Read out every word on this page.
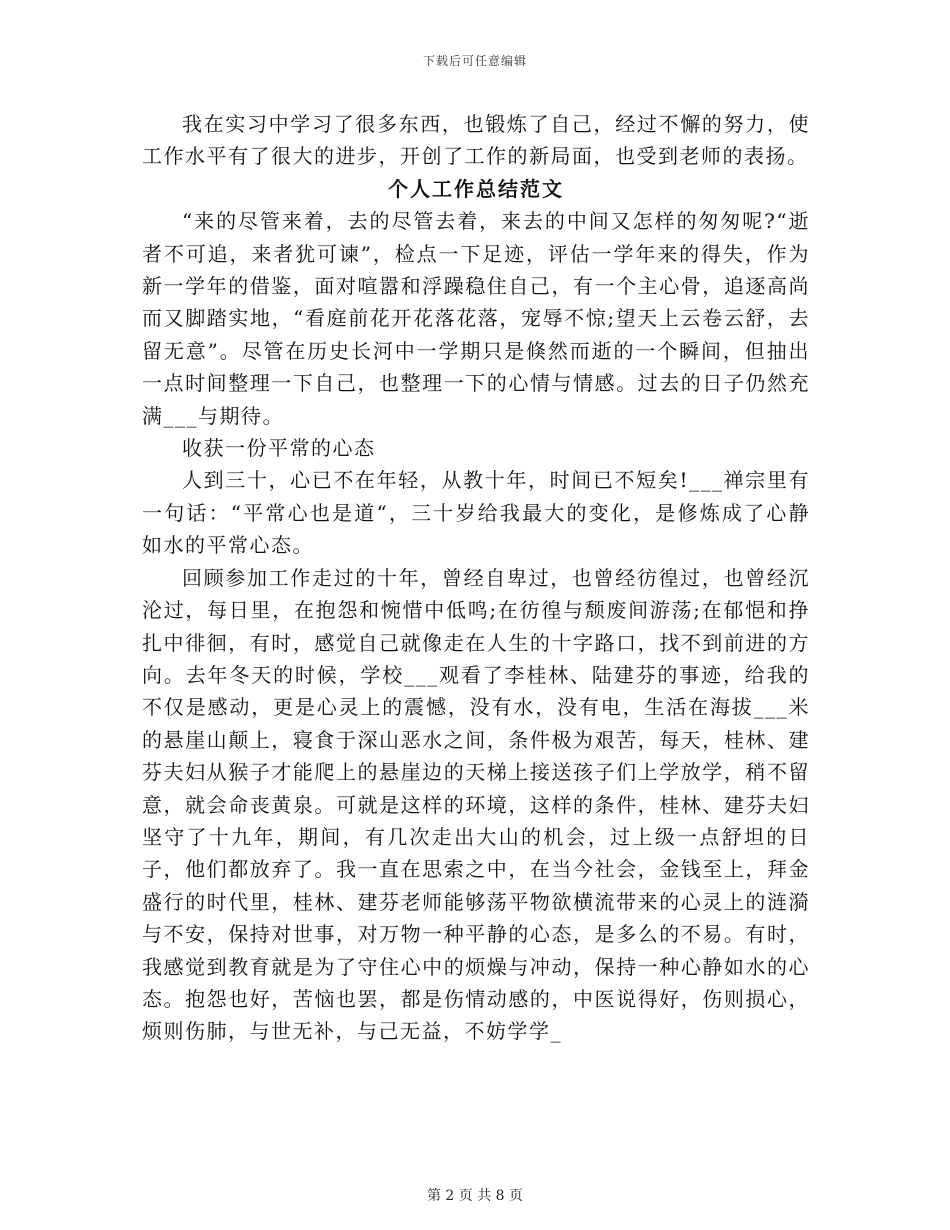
下载后可任意编辑

我在实习中学习了很多东西，也锻炼了自己，经过不懈的努力，使工作水平有了很大的进步，开创了工作的新局面，也受到老师的表扬。

个人工作总结范文

“来的尽管来着，去的尽管去着，来去的中间又怎样的匆匆呢?“逝者不可追，来者犹可谏”，检点一下足迹，评估一学年来的得失，作为新一学年的借鉴，面对喧嚣和浮躁稳住自己，有一个主心骨，追逐高尚而又脚踏实地，“看庭前花开花落花落，宠辱不惊;望天上云卷云舒，去留无意”。尽管在历史长河中一学期只是倏然而逝的一个瞬间，但抽出一点时间整理一下自己，也整理一下的心情与情感。过去的日子仍然充满___与期待。

收获一份平常的心态

人到三十，心已不在年轻，从教十年，时间已不短矣!___禅宗里有一句话：“平常心也是道“，三十岁给我最大的变化，是修炼成了心静如水的平常心态。

回顾参加工作走过的十年，曾经自卑过，也曾经彷徨过，也曾经沉沦过，每日里，在抱怨和惋惜中低鸣;在彷徨与颓废间游荡;在郁悒和挣扎中徘徊，有时，感觉自己就像走在人生的十字路口，找不到前进的方向。去年冬天的时候，学校___观看了李桂林、陆建芬的事迹，给我的不仅是感动，更是心灵上的震憾，没有水，没有电，生活在海拔___米的悬崖山颠上，寝食于深山恶水之间，条件极为艰苦，每天，桂林、建芬夫妇从猴子才能爬上的悬崖边的天梯上接送孩子们上学放学，稍不留意，就会命丧黄泉。可就是这样的环境，这样的条件，桂林、建芬夫妇坚守了十九年，期间，有几次走出大山的机会，过上级一点舒坦的日子，他们都放弃了。我一直在思索之中，在当今社会，金钱至上，拜金盛行的时代里，桂林、建芬老师能够荡平物欲横流带来的心灵上的涟漪与不安，保持对世事，对万物一种平静的心态，是多么的不易。有时，我感觉到教育就是为了守住心中的烦燥与冲动，保持一种心静如水的心态。抱怨也好，苦恼也罢，都是伤情动感的，中医说得好，伤则损心，烦则伤肺，与世无补，与己无益，不妨学学_

第 2 页 共 8 页
